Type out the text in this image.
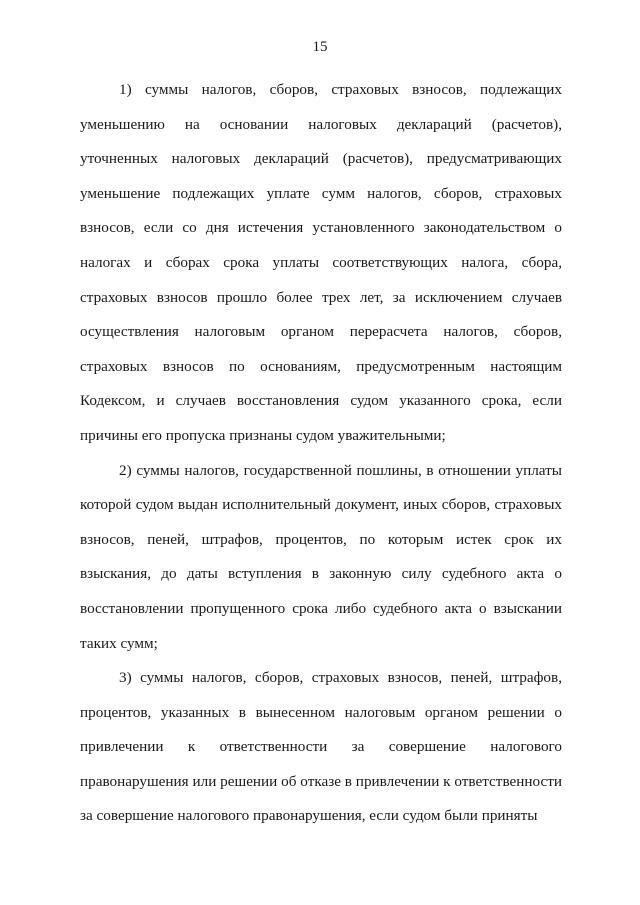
15

1) суммы налогов, сборов, страховых взносов, подлежащих уменьшению на основании налоговых деклараций (расчетов), уточненных налоговых деклараций (расчетов), предусматривающих уменьшение подлежащих уплате сумм налогов, сборов, страховых взносов, если со дня истечения установленного законодательством о налогах и сборах срока уплаты соответствующих налога, сбора, страховых взносов прошло более трех лет, за исключением случаев осуществления налоговым органом перерасчета налогов, сборов, страховых взносов по основаниям, предусмотренным настоящим Кодексом, и случаев восстановления судом указанного срока, если причины его пропуска признаны судом уважительными;

2) суммы налогов, государственной пошлины, в отношении уплаты которой судом выдан исполнительный документ, иных сборов, страховых взносов, пеней, штрафов, процентов, по которым истек срок их взыскания, до даты вступления в законную силу судебного акта о восстановлении пропущенного срока либо судебного акта о взыскании таких сумм;

3) суммы налогов, сборов, страховых взносов, пеней, штрафов, процентов, указанных в вынесенном налоговым органом решении о привлечении к ответственности за совершение налогового правонарушения или решении об отказе в привлечении к ответственности за совершение налогового правонарушения, если судом были приняты
